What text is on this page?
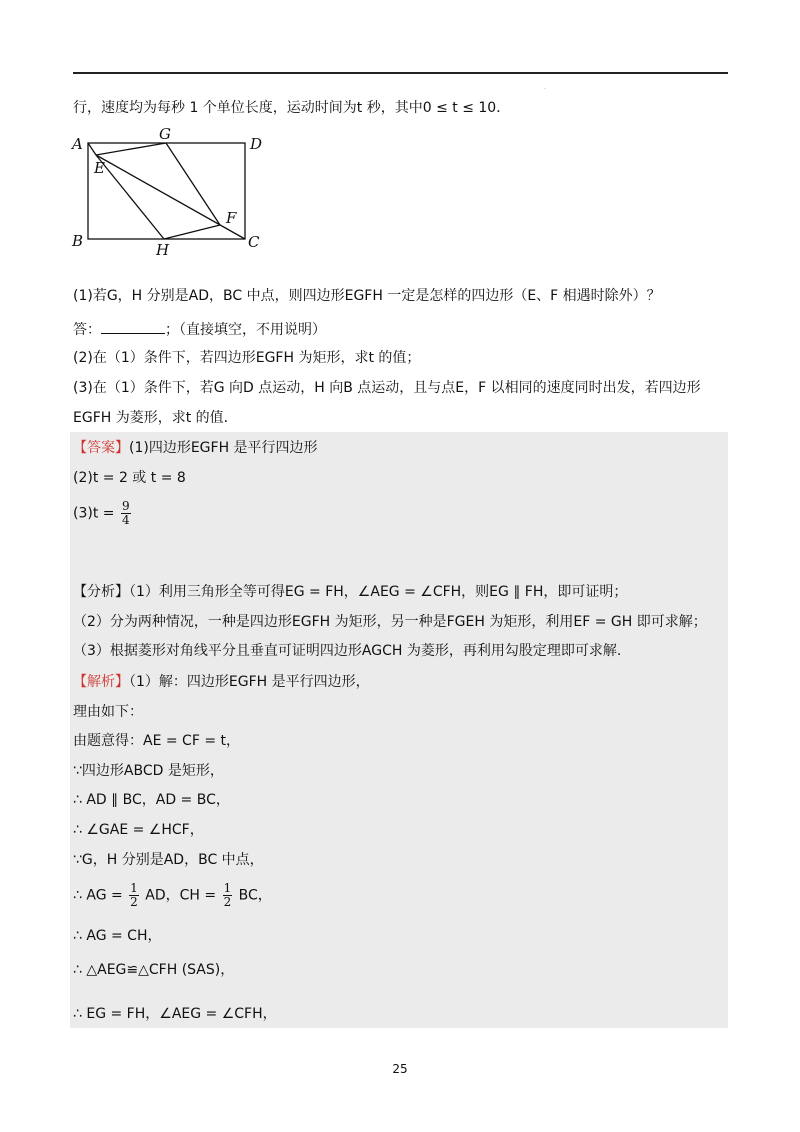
·
行，速度均为每秒 1 个单位长度，运动时间为t 秒，其中0 ≤ t ≤ 10．
A
G
D
E
F
B	H	C
(1)若G，H 分别是AD，BC 中点，则四边形EGFH 一定是怎样的四边形（E、F 相遇时除外）？
答：	；（直接填空，不用说明）
(2)在（1）条件下，若四边形EGFH 为矩形，求t 的值；
(3)在（1）条件下，若G 向D 点运动，H 向B 点运动，且与点E，F 以相同的速度同时出发，若四边形
EGFH 为菱形，求t 的值．
【答案】(1)四边形EGFH 是平行四边形
(2)t = 2 或 t = 8
$(3)t = \frac{9}{4}$
【分析】（1）利用三角形全等可得EG = FH，∠AEG = ∠CFH，则EG ∥ FH，即可证明；
（2）分为两种情况，一种是四边形EGFH 为矩形，另一种是FGEH 为矩形，利用EF = GH 即可求解；
（3）根据菱形对角线平分且垂直可证明四边形AGCH 为菱形，再利用勾股定理即可求解.
【解析】（1）解：四边形EGFH 是平行四边形，
理由如下：
由题意得：AE = CF = t，
∵四边形ABCD 是矩形，
∴ AD ∥ BC，AD = BC，
∴ ∠GAE = ∠HCF，
∵G，H 分别是AD，BC 中点，
∴ AG = $\frac{1}{2}$ AD，CH = $\frac{1}{2}$ BC，
∴ AG = CH，
∴ △AEG≌△CFH (SAS)，
∴ EG = FH，∠AEG = ∠CFH，
25
